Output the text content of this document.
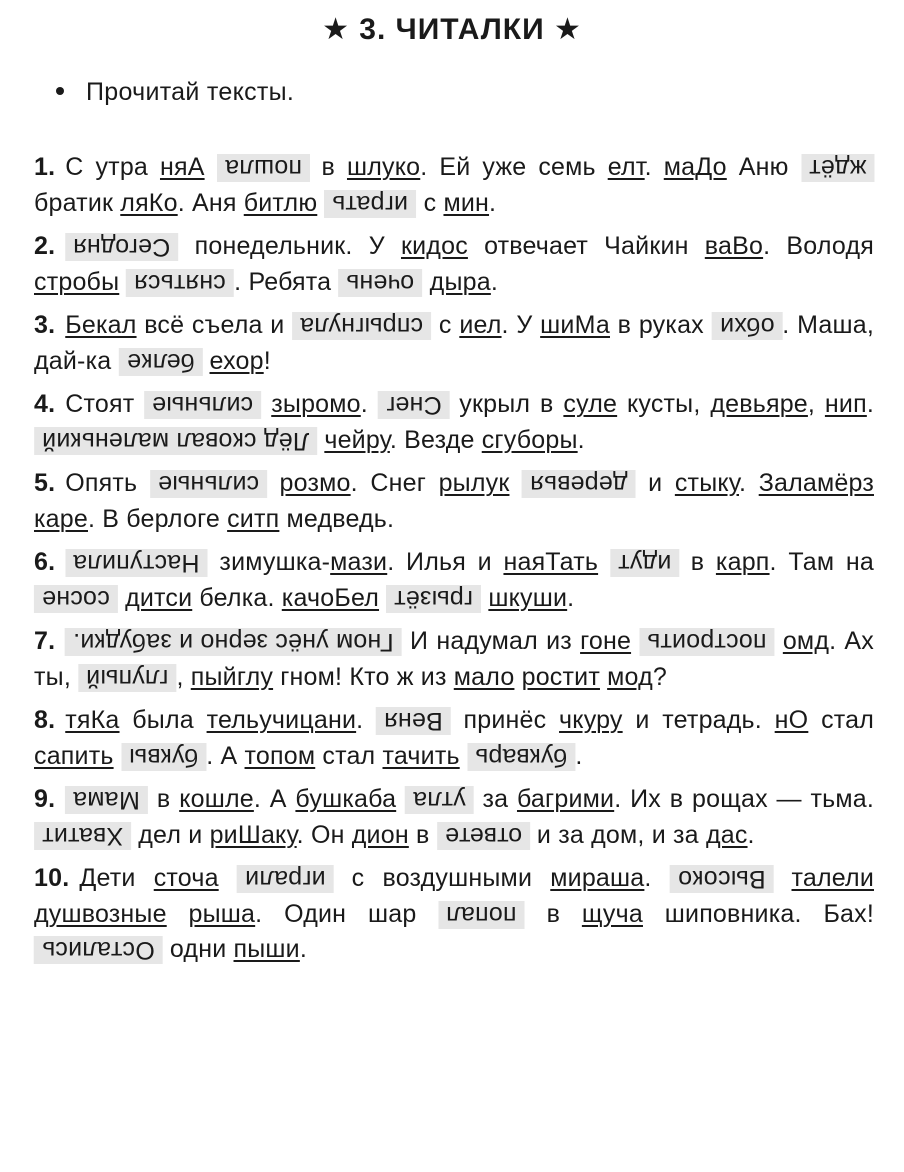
★ 3. ЧИТАЛКИ ★
Прочитай тексты.
1. С утра няА пошла в шлуко. Ей уже семь елт. маДо Аню ждёт братик ляКо. Аня битлю играть с мин.
2. Сегодня понедельник. У кидос отвечает Чайкин ваВо. Володя стробы сняться . Ребята очень дыра.
3. Бекал всё съела и спрыгнула с иел. У шиМа в руках обхи . Маша, дай-ка белке ехор!
4. Стоят сильные зыромо. Снег укрыл в суле кусты, девьяре, нип. Лёд сковал маленький чейру. Везде сгуборы.
5. Опять сильные розмо. Снег рылук деревья и стыку. Заламёрз каре. В берлоге ситп медведь.
6. Наступила зимушка-мази. Илья и наяТать идут в карп. Там на сосне дитси белка. качоБел грызёт шкуши.
7. Гном унёс зерно и забудки. И надумал из гоне построить омд. Ах ты, глупый , пыйглу гном! Кто ж из мало ростит мод?
8. тяКа была тельучицани. Веня принёс чкуру и тетрадь. нО стал сапить буквы . А топом стал тачить букварь .
9. Мама в кошле. А бушкаба утла за багрими. Их в рощах — тьма. Хватит дел и риШаку. Он дион в ответе и за дом, и за дас.
10. Дети сточа играли с воздушными мираша. Высоко талели душвозные рыша. Один шар попал в щуча шиповника. Бах! Остались одни пыши.
